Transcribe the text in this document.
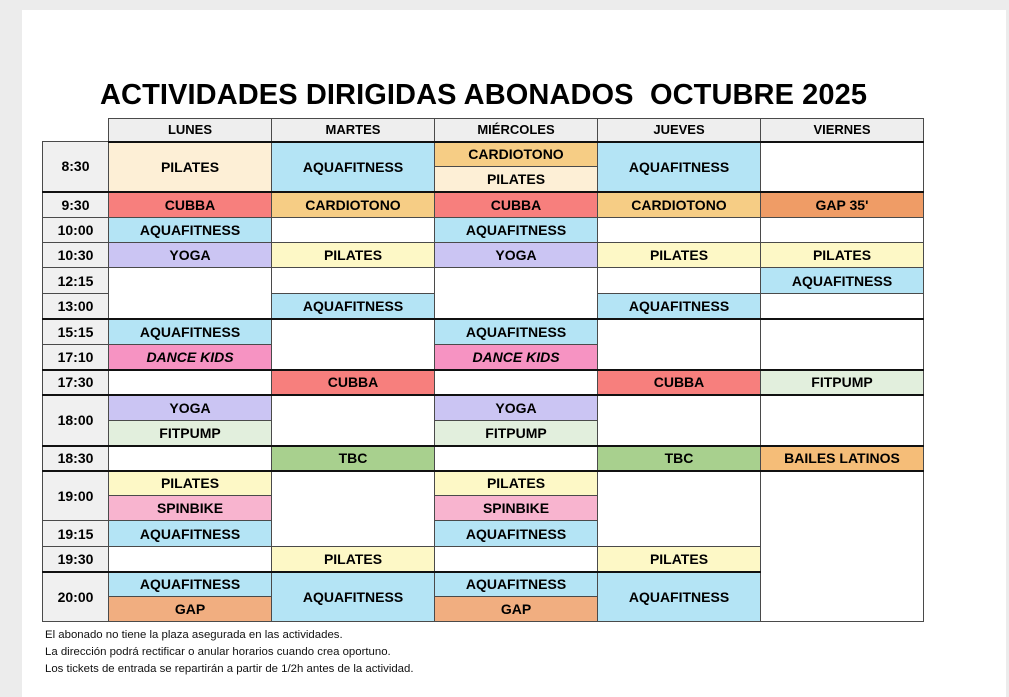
ACTIVIDADES DIRIGIDAS ABONADOS  OCTUBRE 2025
	LUNES	MARTES	MIÉRCOLES	JUEVES	VIERNES
8:30	PILATES	AQUAFITNESS	CARDIOTONO	AQUAFITNESS	
			PILATES		
9:30	CUBBA	CARDIOTONO	CUBBA	CARDIOTONO	GAP 35'
10:00	AQUAFITNESS		AQUAFITNESS		
10:30	YOGA	PILATES	YOGA	PILATES	PILATES
12:15					AQUAFITNESS
13:00		AQUAFITNESS		AQUAFITNESS	
15:15	AQUAFITNESS		AQUAFITNESS		
17:10	DANCE KIDS		DANCE KIDS		
17:30		CUBBA		CUBBA	FITPUMP
18:00	YOGA		YOGA		
	FITPUMP		FITPUMP		
18:30		TBC		TBC	BAILES LATINOS
19:00	PILATES		PILATES		
	SPINBIKE		SPINBIKE		
19:15	AQUAFITNESS		AQUAFITNESS		
19:30		PILATES		PILATES	
20:00	AQUAFITNESS	AQUAFITNESS	AQUAFITNESS	AQUAFITNESS	
	GAP		GAP		
El abonado no tiene la plaza asegurada en las actividades.
La dirección podrá rectificar o anular horarios cuando crea oportuno.
Los tickets de entrada se repartirán a partir de 1/2h antes de la actividad.
